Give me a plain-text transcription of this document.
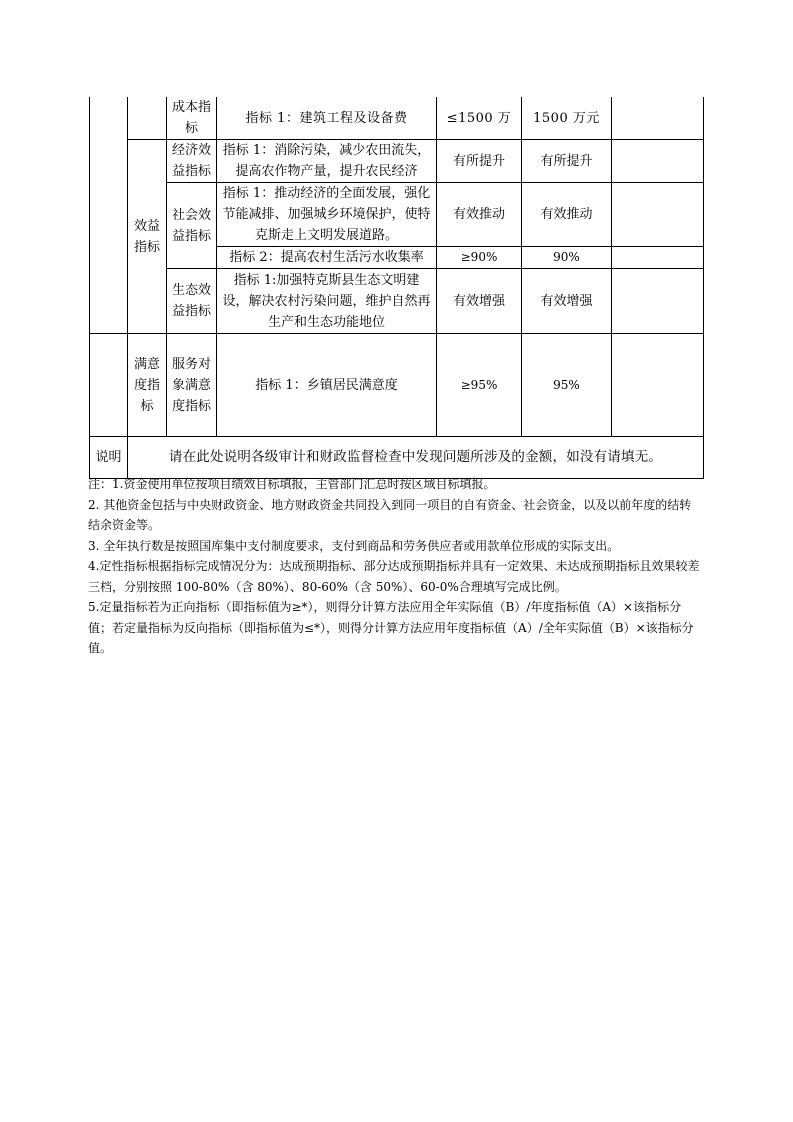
		成本指标	指标 1：建筑工程及设备费	≤1500 万	1500 万元	
	效益指标	经济效益指标	指标 1：消除污染，减少农田流失，提高农作物产量，提升农民经济	有所提升	有所提升	
		社会效益指标	指标 1：推动经济的全面发展，强化节能减排、加强城乡环境保护，使特克斯走上文明发展道路。	有效推动	有效推动	
			指标 2：提高农村生活污水收集率	≥90%	90%	
		生态效益指标	指标 1:加强特克斯县生态文明建设，解决农村污染问题，维护自然再生产和生态功能地位	有效增强	有效增强	
	满意度指标	服务对象满意度指标	指标 1：乡镇居民满意度	≥95%	95%	
说明	请在此处说明各级审计和财政监督检查中发现问题所涉及的金额，如没有请填无。					

注：1.资金使用单位按项目绩效目标填报，主管部门汇总时按区域目标填报。

2. 其他资金包括与中央财政资金、地方财政资金共同投入到同一项目的自有资金、社会资金，以及以前年度的结转结余资金等。

3. 全年执行数是按照国库集中支付制度要求，支付到商品和劳务供应者或用款单位形成的实际支出。

4.定性指标根据指标完成情况分为：达成预期指标、部分达成预期指标并具有一定效果、未达成预期指标且效果较差三档，分别按照 100-80%（含 80%）、80-60%（含 50%）、60-0%合理填写完成比例。

5.定量指标若为正向指标（即指标值为≥*），则得分计算方法应用全年实际值（B）/年度指标值（A）×该指标分值；若定量指标为反向指标（即指标值为≤*），则得分计算方法应用年度指标值（A）/全年实际值（B）×该指标分值。
